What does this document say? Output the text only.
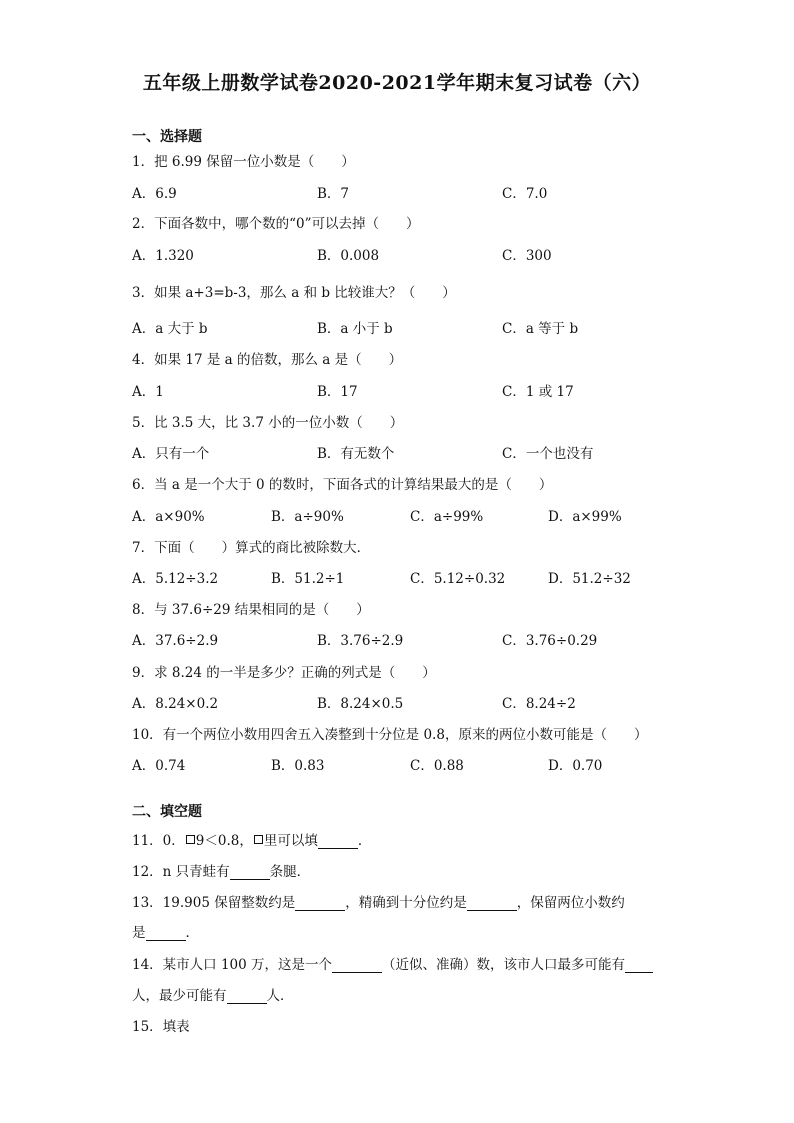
五年级上册数学试卷2020-2021学年期末复习试卷（六）
一、选择题
1．把 6.99 保留一位小数是（　　）
A．6.9	B．7	C．7.0
2．下面各数中，哪个数的“0”可以去掉（　　）
A．1.320	B．0.008	C．300
3．如果 a+3=b-3，那么 a 和 b 比较谁大？（　　）
A．a 大于 b	B．a 小于 b	C．a 等于 b
4．如果 17 是 a 的倍数，那么 a 是（　　）
A．1	B．17	C．1 或 17
5．比 3.5 大，比 3.7 小的一位小数（　　）
A．只有一个	B．有无数个	C．一个也没有
6．当 a 是一个大于 0 的数时，下面各式的计算结果最大的是（　　）
A．a×90%	B．a÷90%	C．a÷99%	D．a×99%
7．下面（　　）算式的商比被除数大．
A．5.12÷3.2	B．51.2÷1	C．5.12÷0.32	D．51.2÷32
8．与 37.6÷29 结果相同的是（　　）
A．37.6÷2.9	B．3.76÷2.9	C．3.76÷0.29
9．求 8.24 的一半是多少？正确的列式是（　　）
A．8.24×0.2	B．8.24×0.5	C．8.24÷2
10．有一个两位小数用四舍五入凑整到十分位是 0.8，原来的两位小数可能是（　　）
A．0.74	B．0.83	C．0.88	D．0.70
二、填空题
11．0． 9＜0.8， 里可以填	．
12．n 只青蛙有	条腿．
13．19.905 保留整数约是	，精确到十分位约是	，保留两位小数约
是	．
14．某市人口 100 万，这是一个	（近似、准确）数，该市人口最多可能有
人，最少可能有	人．
15．填表
